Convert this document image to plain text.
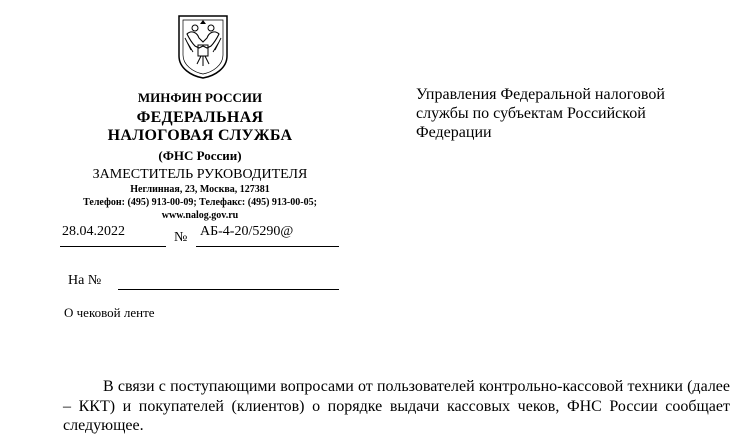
МИНФИН РОССИИ
ФЕДЕРАЛЬНАЯ
НАЛОГОВАЯ СЛУЖБА
(ФНС России)
ЗАМЕСТИТЕЛЬ РУКОВОДИТЕЛЯ
Неглинная, 23, Москва, 127381
Телефон: (495) 913-00-09; Телефакс: (495) 913-00-05;
www.nalog.gov.ru
28.04.2022	№ АБ-4-20/5290@
На №
О чековой ленте
Управления Федеральной налоговой
службы по субъектам Российской
Федерации

В связи с поступающими вопросами от пользователей контрольно-кассовой техники (далее – ККТ) и покупателей (клиентов) о порядке выдачи кассовых чеков, ФНС России сообщает следующее.
